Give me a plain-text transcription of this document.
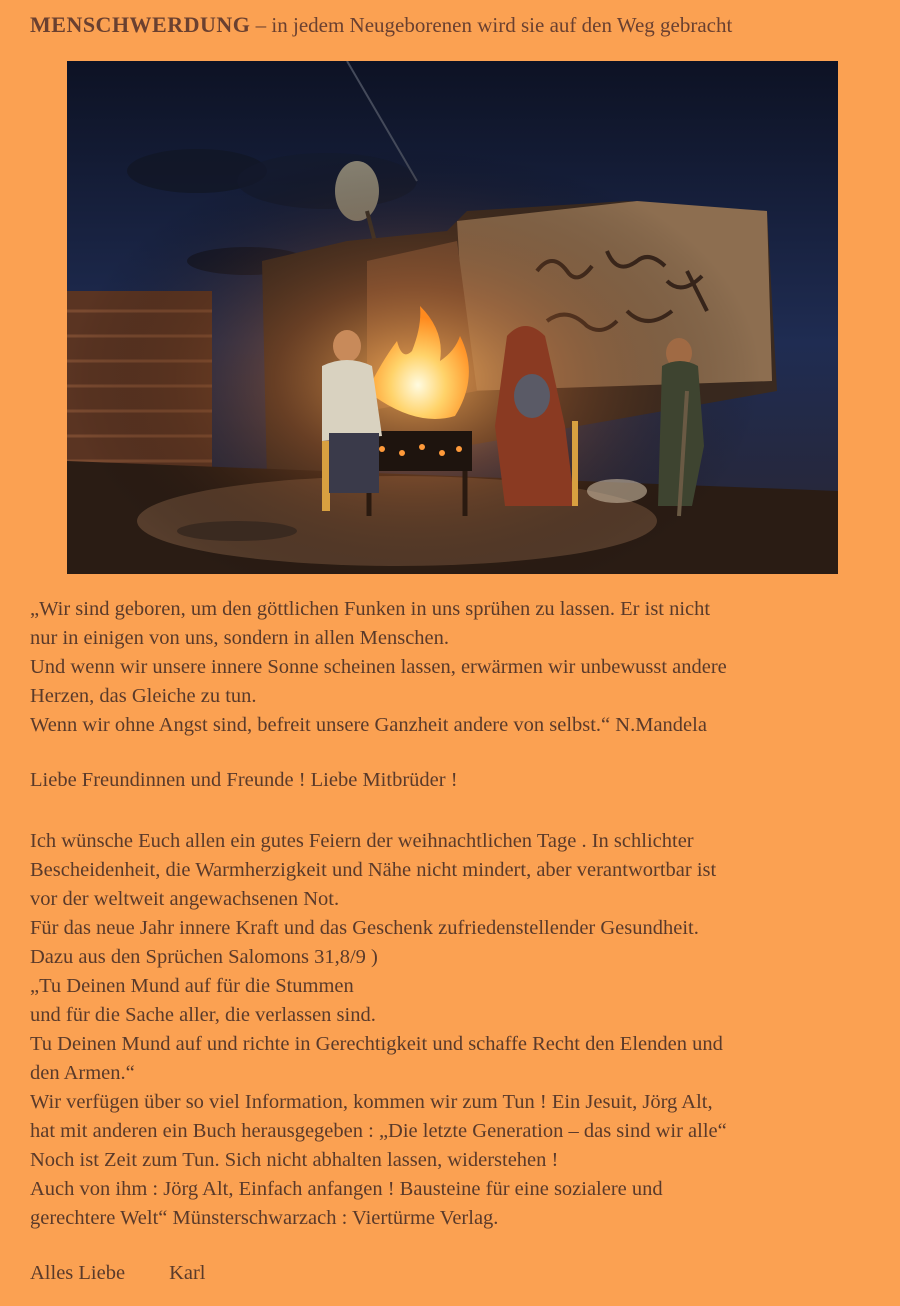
MENSCHWERDUNG – in jedem Neugeborenen wird sie auf den Weg gebracht

„Wir sind geboren, um den göttlichen Funken in uns sprühen zu lassen. Er ist nicht

nur in einigen von uns, sondern in allen Menschen.

Und wenn wir unsere innere Sonne scheinen lassen, erwärmen wir unbewusst andere

Herzen, das Gleiche zu tun.

Wenn wir ohne Angst sind, befreit unsere Ganzheit andere von selbst.“ N.Mandela

Liebe Freundinnen und Freunde ! Liebe Mitbrüder !

Ich wünsche Euch allen ein gutes Feiern der weihnachtlichen Tage . In schlichter

Bescheidenheit, die Warmherzigkeit und Nähe nicht mindert, aber verantwortbar ist

vor der weltweit angewachsenen Not.

Für das neue Jahr innere Kraft und das Geschenk zufriedenstellender Gesundheit.

Dazu aus den Sprüchen Salomons 31,8/9 )

„Tu Deinen Mund auf für die Stummen

und für die Sache aller, die verlassen sind.

Tu Deinen Mund auf und richte in Gerechtigkeit und schaffe Recht den Elenden und

den Armen.“

Wir verfügen über so viel Information, kommen wir zum Tun ! Ein Jesuit, Jörg Alt,

hat mit anderen ein Buch herausgegeben : „Die letzte Generation – das sind wir alle“

Noch ist Zeit zum Tun. Sich nicht abhalten lassen, widerstehen !

Auch von ihm : Jörg Alt, Einfach anfangen ! Bausteine für eine sozialere und

gerechtere Welt“ Münsterschwarzach : Viertürme Verlag.

Alles Liebe Karl
